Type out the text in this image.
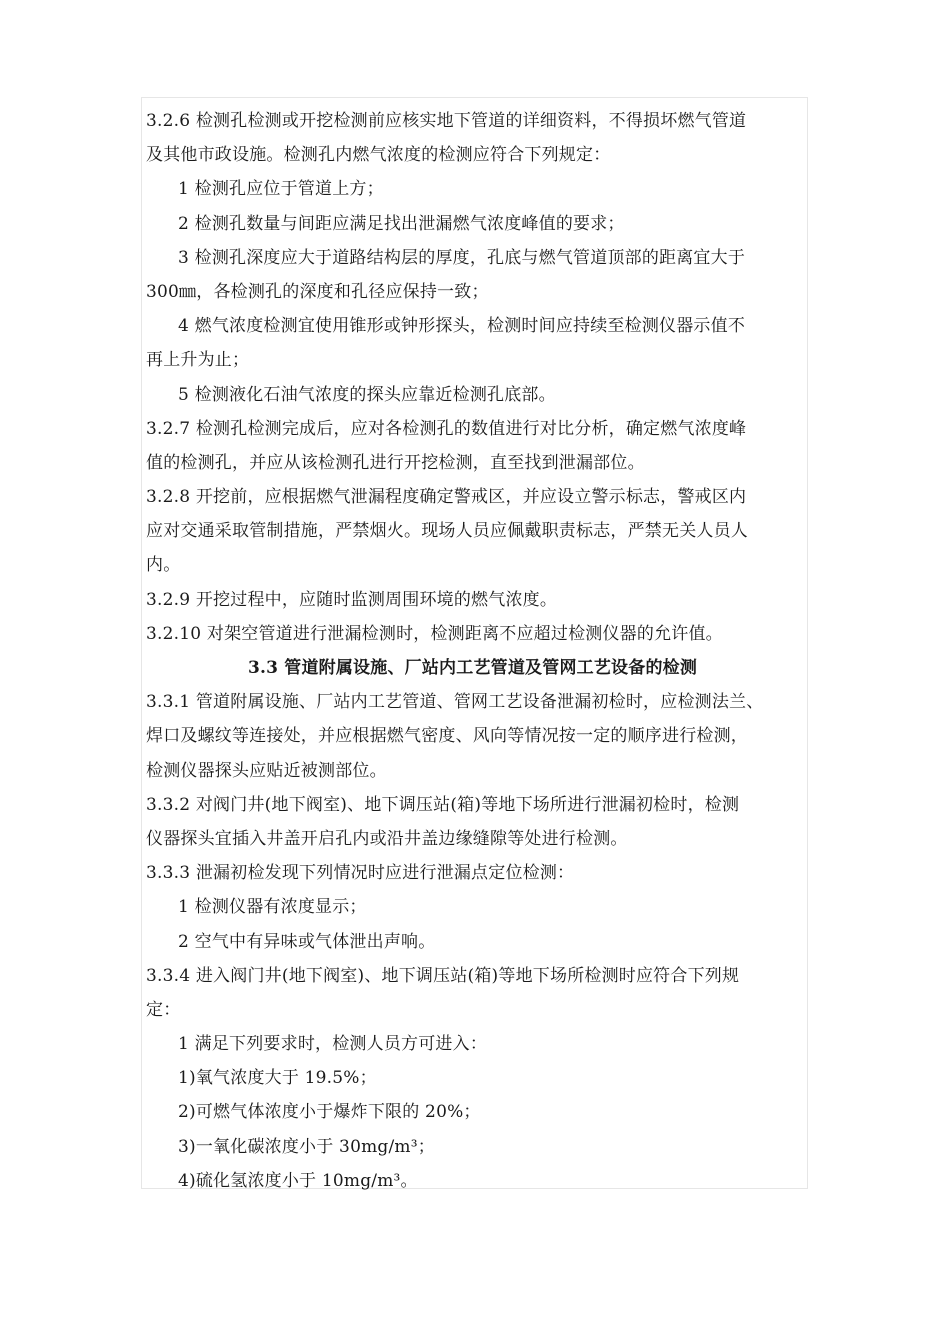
3.2.6 检测孔检测或开挖检测前应核实地下管道的详细资料，不得损坏燃气管道
及其他市政设施。检测孔内燃气浓度的检测应符合下列规定：
1 检测孔应位于管道上方；
2 检测孔数量与间距应满足找出泄漏燃气浓度峰值的要求；
3 检测孔深度应大于道路结构层的厚度，孔底与燃气管道顶部的距离宜大于
300㎜，各检测孔的深度和孔径应保持一致；
4 燃气浓度检测宜使用锥形或钟形探头，检测时间应持续至检测仪器示值不
再上升为止；
5 检测液化石油气浓度的探头应靠近检测孔底部。
3.2.7 检测孔检测完成后，应对各检测孔的数值进行对比分析，确定燃气浓度峰
值的检测孔，并应从该检测孔进行开挖检测，直至找到泄漏部位。
3.2.8 开挖前，应根据燃气泄漏程度确定警戒区，并应设立警示标志，警戒区内
应对交通采取管制措施，严禁烟火。现场人员应佩戴职责标志，严禁无关人员人
内。
3.2.9 开挖过程中，应随时监测周围环境的燃气浓度。
3.2.10 对架空管道进行泄漏检测时，检测距离不应超过检测仪器的允许值。
3.3 管道附属设施、厂站内工艺管道及管网工艺设备的检测
3.3.1 管道附属设施、厂站内工艺管道、管网工艺设备泄漏初检时，应检测法兰、
焊口及螺纹等连接处，并应根据燃气密度、风向等情况按一定的顺序进行检测，
检测仪器探头应贴近被测部位。
3.3.2 对阀门井(地下阀室)、地下调压站(箱)等地下场所进行泄漏初检时，检测
仪器探头宜插入井盖开启孔内或沿井盖边缘缝隙等处进行检测。
3.3.3 泄漏初检发现下列情况时应进行泄漏点定位检测：
1 检测仪器有浓度显示；
2 空气中有异味或气体泄出声响。
3.3.4 进入阀门井(地下阀室)、地下调压站(箱)等地下场所检测时应符合下列规
定：
1 满足下列要求时，检测人员方可进入：
1)氧气浓度大于 19.5%；
2)可燃气体浓度小于爆炸下限的 20%；
3)一氧化碳浓度小于 30mg/m³；
4)硫化氢浓度小于 10mg/m³。
